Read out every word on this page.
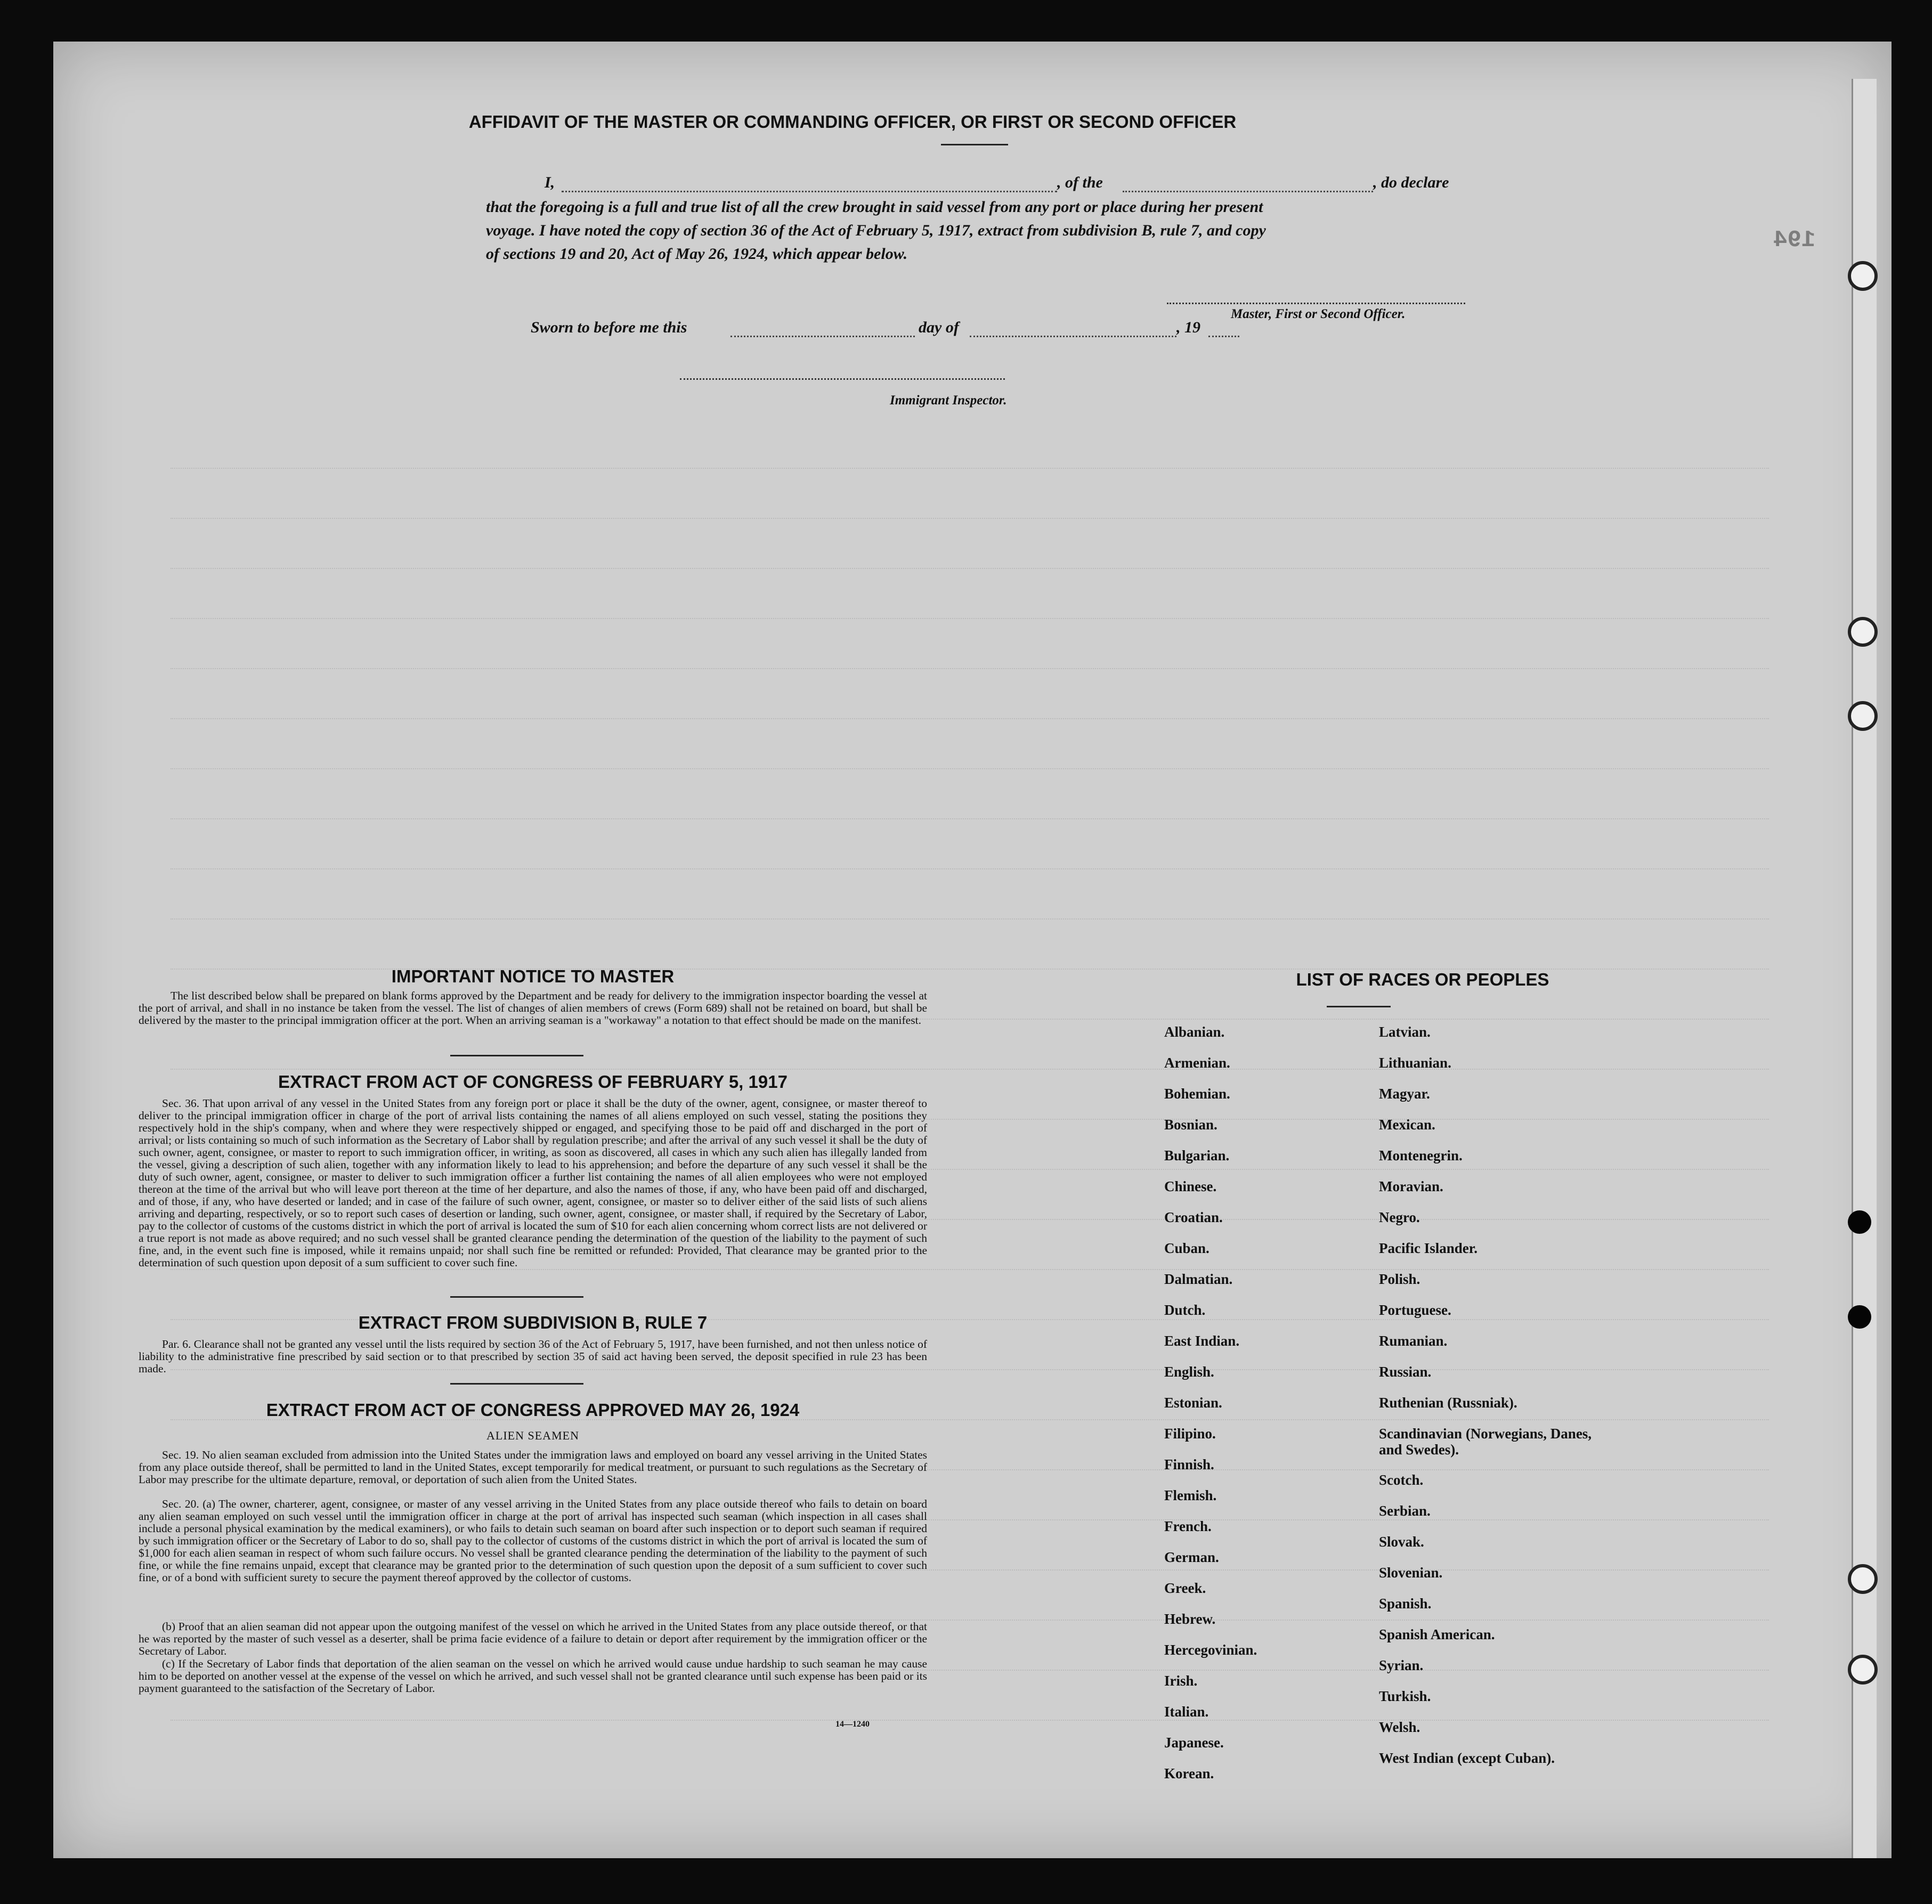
194
AFFIDAVIT OF THE MASTER OR COMMANDING OFFICER, OR FIRST OR SECOND OFFICER
I,	, of the	, do declare
that the foregoing is a full and true list of all the crew brought in said vessel from any port or place during her present
voyage. I have noted the copy of section 36 of the Act of February 5, 1917, extract from subdivision B, rule 7, and copy
of sections 19 and 20, Act of May 26, 1924, which appear below.
Master, First or Second Officer.
Sworn to before me this	day of	, 19
Immigrant Inspector.
IMPORTANT NOTICE TO MASTER
The list described below shall be prepared on blank forms approved by the Department and be ready for delivery to the immigration inspector boarding the vessel at the port of arrival, and shall in no instance be taken from the vessel. The list of changes of alien members of crews (Form 689) shall not be retained on board, but shall be delivered by the master to the principal immigration officer at the port. When an arriving seaman is a "workaway" a notation to that effect should be made on the manifest.
EXTRACT FROM ACT OF CONGRESS OF FEBRUARY 5, 1917
Sec. 36. That upon arrival of any vessel in the United States from any foreign port or place it shall be the duty of the owner, agent, consignee, or master thereof to deliver to the principal immigration officer in charge of the port of arrival lists containing the names of all aliens employed on such vessel, stating the positions they respectively hold in the ship's company, when and where they were respectively shipped or engaged, and specifying those to be paid off and discharged in the port of arrival; or lists containing so much of such information as the Secretary of Labor shall by regulation prescribe; and after the arrival of any such vessel it shall be the duty of such owner, agent, consignee, or master to report to such immigration officer, in writing, as soon as discovered, all cases in which any such alien has illegally landed from the vessel, giving a description of such alien, together with any information likely to lead to his apprehension; and before the departure of any such vessel it shall be the duty of such owner, agent, consignee, or master to deliver to such immigration officer a further list containing the names of all alien employees who were not employed thereon at the time of the arrival but who will leave port thereon at the time of her departure, and also the names of those, if any, who have been paid off and discharged, and of those, if any, who have deserted or landed; and in case of the failure of such owner, agent, consignee, or master so to deliver either of the said lists of such aliens arriving and departing, respectively, or so to report such cases of desertion or landing, such owner, agent, consignee, or master shall, if required by the Secretary of Labor, pay to the collector of customs of the customs district in which the port of arrival is located the sum of $10 for each alien concerning whom correct lists are not delivered or a true report is not made as above required; and no such vessel shall be granted clearance pending the determination of the question of the liability to the payment of such fine, and, in the event such fine is imposed, while it remains unpaid; nor shall such fine be remitted or refunded: Provided, That clearance may be granted prior to the determination of such question upon deposit of a sum sufficient to cover such fine.
EXTRACT FROM SUBDIVISION B, RULE 7
Par. 6. Clearance shall not be granted any vessel until the lists required by section 36 of the Act of February 5, 1917, have been furnished, and not then unless notice of liability to the administrative fine prescribed by said section or to that prescribed by section 35 of said act having been served, the deposit specified in rule 23 has been made.
EXTRACT FROM ACT OF CONGRESS APPROVED MAY 26, 1924
ALIEN SEAMEN
Sec. 19. No alien seaman excluded from admission into the United States under the immigration laws and employed on board any vessel arriving in the United States from any place outside thereof, shall be permitted to land in the United States, except temporarily for medical treatment, or pursuant to such regulations as the Secretary of Labor may prescribe for the ultimate departure, removal, or deportation of such alien from the United States.
Sec. 20. (a) The owner, charterer, agent, consignee, or master of any vessel arriving in the United States from any place outside thereof who fails to detain on board any alien seaman employed on such vessel until the immigration officer in charge at the port of arrival has inspected such seaman (which inspection in all cases shall include a personal physical examination by the medical examiners), or who fails to detain such seaman on board after such inspection or to deport such seaman if required by such immigration officer or the Secretary of Labor to do so, shall pay to the collector of customs of the customs district in which the port of arrival is located the sum of $1,000 for each alien seaman in respect of whom such failure occurs. No vessel shall be granted clearance pending the determination of the liability to the payment of such fine, or while the fine remains unpaid, except that clearance may be granted prior to the determination of such question upon the deposit of a sum sufficient to cover such fine, or of a bond with sufficient surety to secure the payment thereof approved by the collector of customs.
(b) Proof that an alien seaman did not appear upon the outgoing manifest of the vessel on which he arrived in the United States from any place outside thereof, or that he was reported by the master of such vessel as a deserter, shall be prima facie evidence of a failure to detain or deport after requirement by the immigration officer or the Secretary of Labor.
(c) If the Secretary of Labor finds that deportation of the alien seaman on the vessel on which he arrived would cause undue hardship to such seaman he may cause him to be deported on another vessel at the expense of the vessel on which he arrived, and such vessel shall not be granted clearance until such expense has been paid or its payment guaranteed to the satisfaction of the Secretary of Labor.
14—1240
LIST OF RACES OR PEOPLES
Albanian.
Armenian.
Bohemian.
Bosnian.
Bulgarian.
Chinese.
Croatian.
Cuban.
Dalmatian.
Dutch.
East Indian.
English.
Estonian.
Filipino.
Finnish.
Flemish.
French.
German.
Greek.
Hebrew.
Hercegovinian.
Irish.
Italian.
Japanese.
Korean.
Latvian.
Lithuanian.
Magyar.
Mexican.
Montenegrin.
Moravian.
Negro.
Pacific Islander.
Polish.
Portuguese.
Rumanian.
Russian.
Ruthenian (Russniak).
Scandinavian (Norwegians, Danes, and Swedes).
Scotch.
Serbian.
Slovak.
Slovenian.
Spanish.
Spanish American.
Syrian.
Turkish.
Welsh.
West Indian (except Cuban).
